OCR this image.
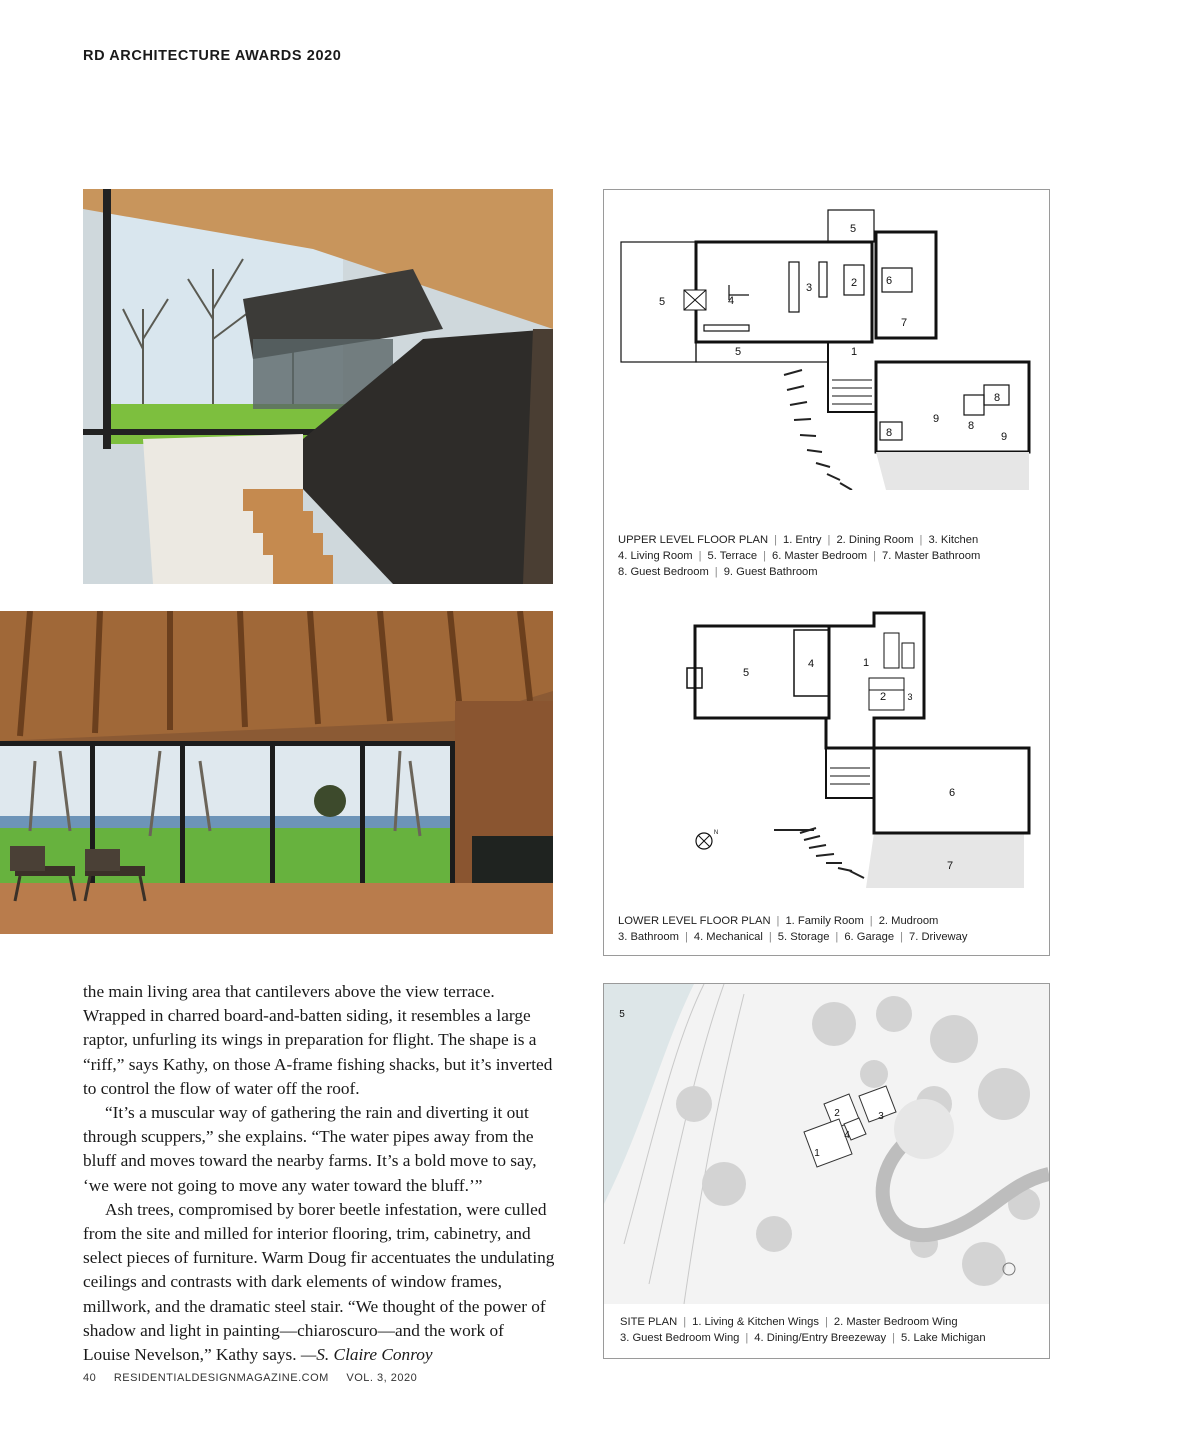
RD ARCHITECTURE AWARDS 2020
5
3	2	6
5	4
5	1
8
8
8
9
9
7
UPPER LEVEL FLOOR PLAN | 1. Entry | 2. Dining Room | 3. Kitchen
4. Living Room | 5. Terrace | 6. Master Bedroom | 7. Master Bathroom
8. Guest Bedroom | 9. Guest Bathroom
N
5
4	1
2 3
6
7
LOWER LEVEL FLOOR PLAN | 1. Family Room | 2. Mudroom
3. Bathroom | 4. Mechanical | 5. Storage | 6. Garage | 7. Driveway
5
2	3
4
1
SITE PLAN | 1. Living & Kitchen Wings | 2. Master Bedroom Wing
3. Guest Bedroom Wing | 4. Dining/Entry Breezeway | 5. Lake Michigan

the main living area that cantilevers above the view terrace. Wrapped in charred board-and-batten siding, it resembles a large raptor, unfurling its wings in preparation for flight. The shape is a “riff,” says Kathy, on those A-frame fishing shacks, but it’s inverted to control the flow of water off the roof.

“It’s a muscular way of gathering the rain and diverting it out through scuppers,” she explains. “The water pipes away from the bluff and moves toward the nearby farms. It’s a bold move to say, ‘we were not going to move any water toward the bluff.’”

Ash trees, compromised by borer beetle infestation, were culled from the site and milled for interior flooring, trim, cabinetry, and select pieces of furniture. Warm Doug fir accentuates the undulating ceilings and contrasts with dark elements of window frames, millwork, and the dramatic steel stair. “We thought of the power of shadow and light in painting—chiaroscuro—and the work of Louise Nevelson,” Kathy says. —S. Claire Conroy

40 RESIDENTIALDESIGNMAGAZINE.COM VOL. 3, 2020
